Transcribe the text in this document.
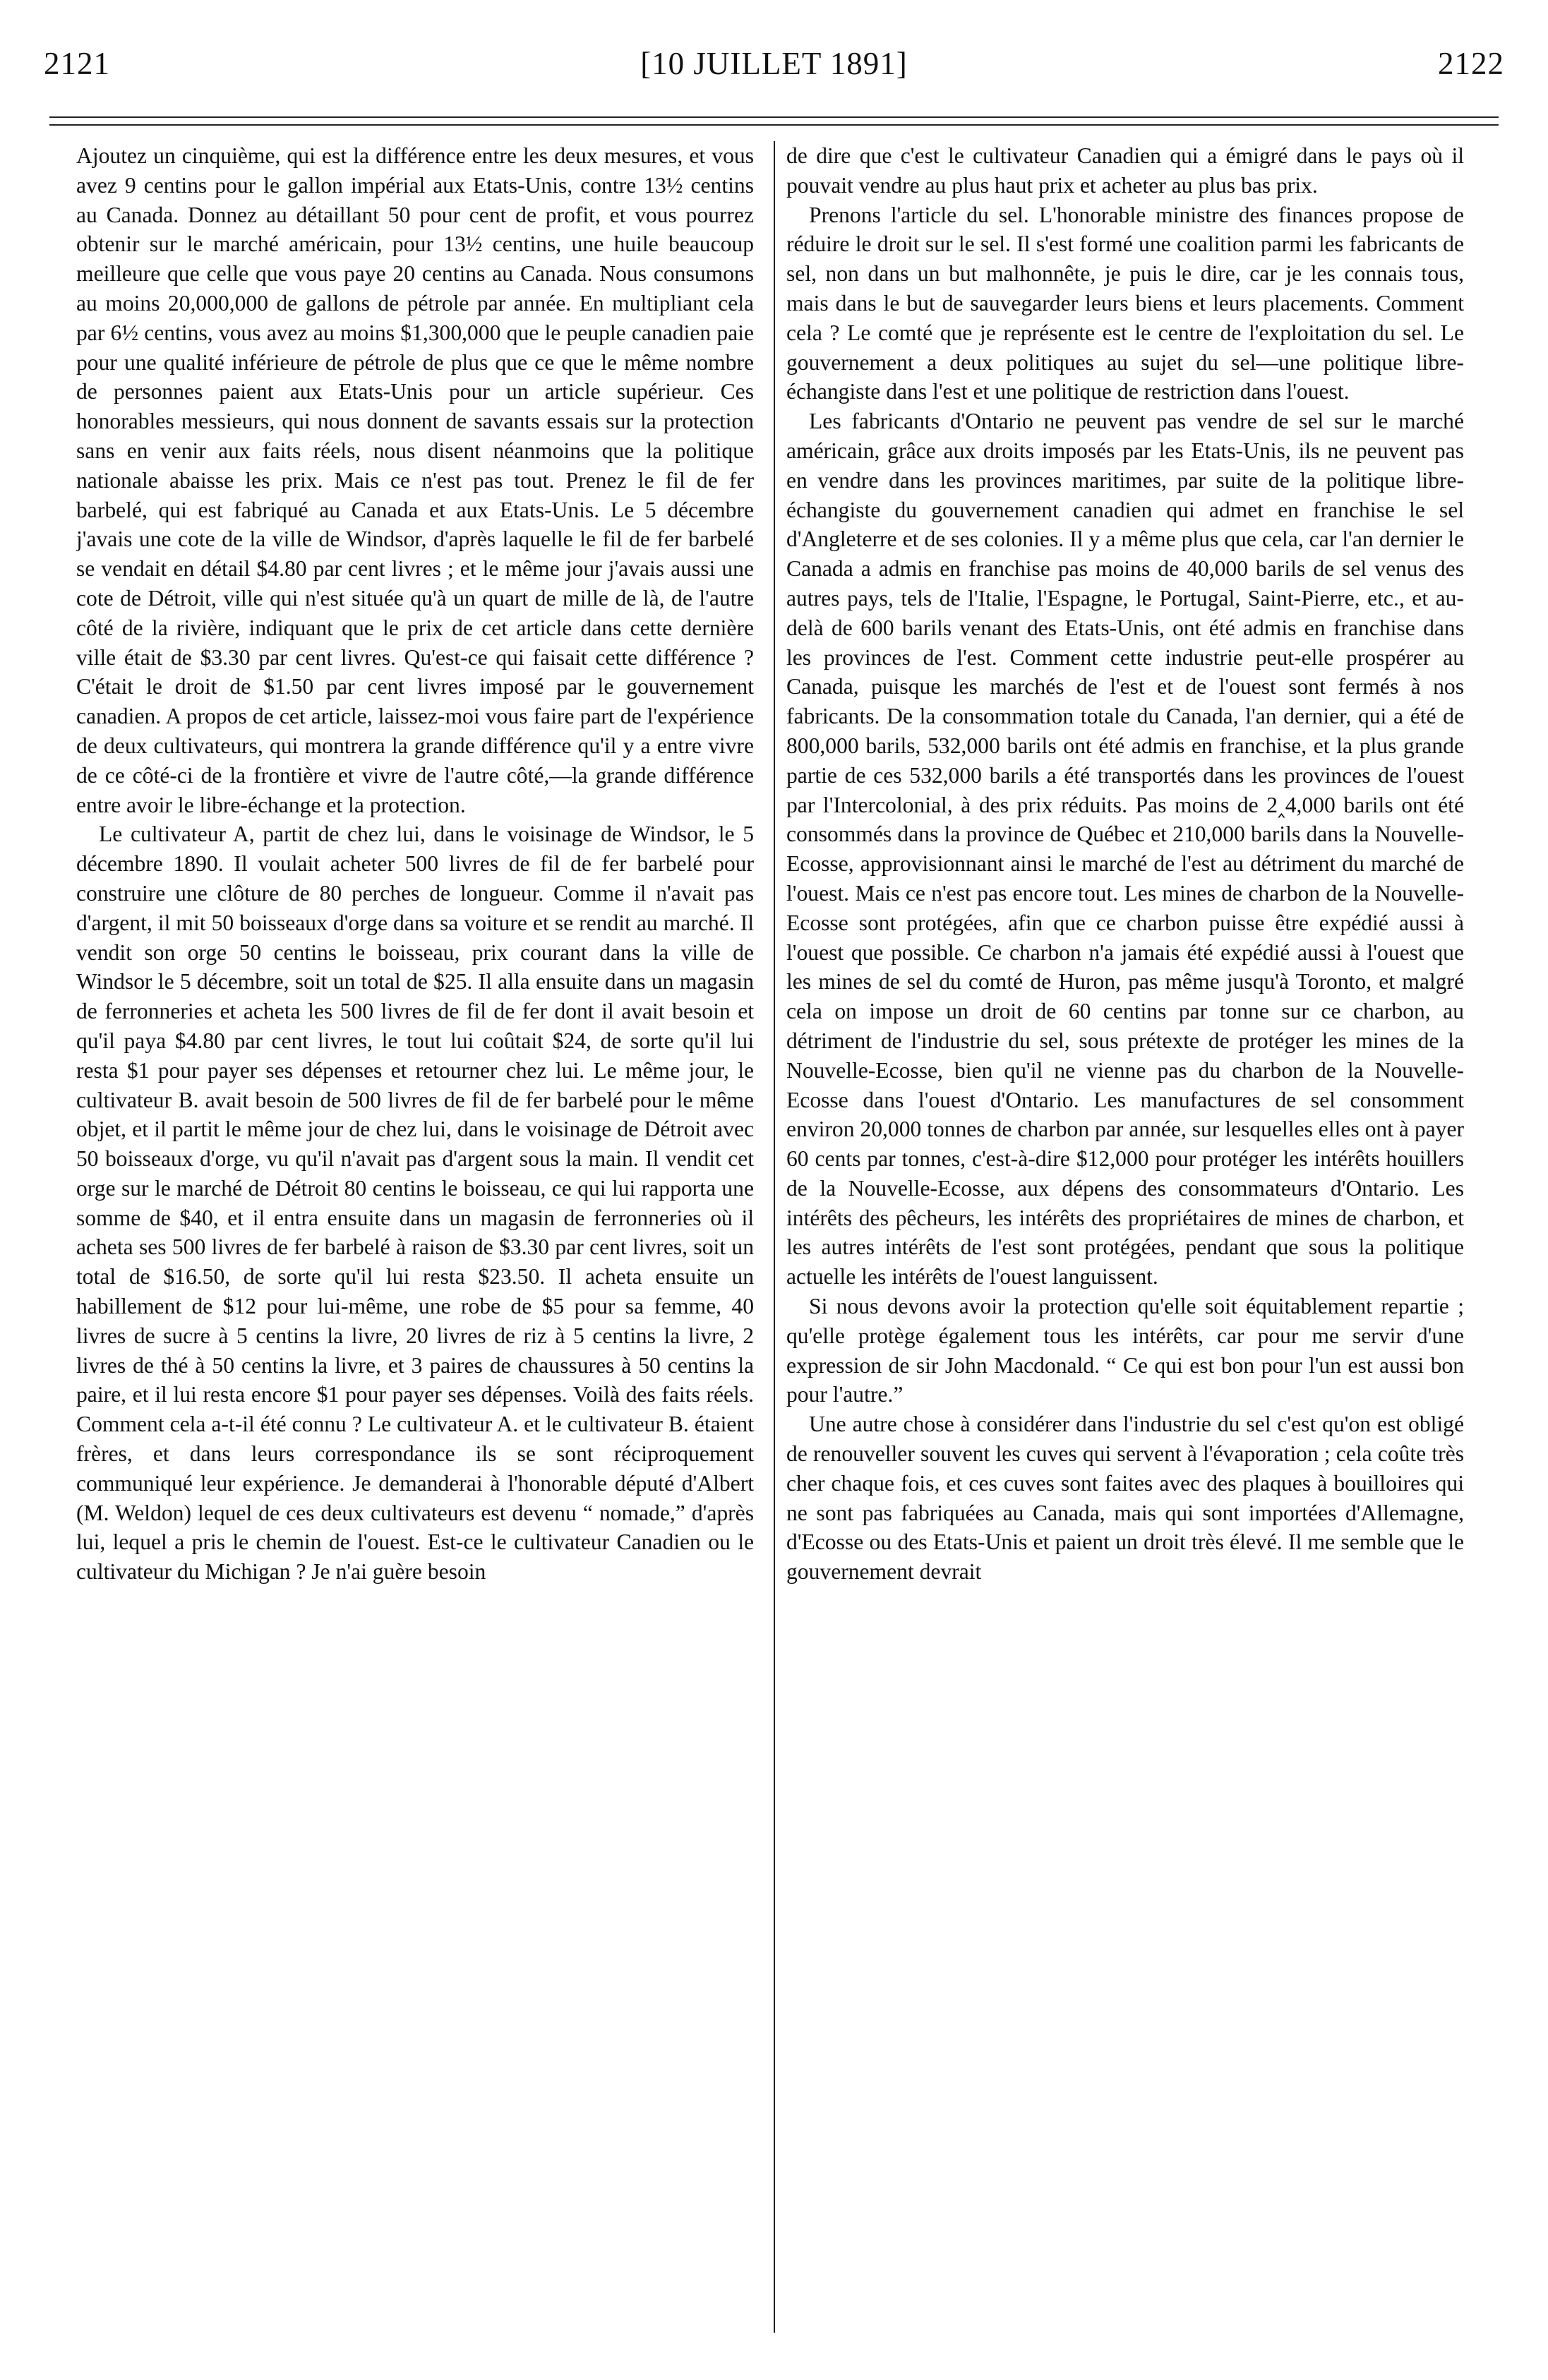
2121	[10 JUILLET 1891]	2122

Ajoutez un cinquième, qui est la différence entre les deux mesures, et vous avez 9 centins pour le gallon impérial aux Etats-Unis, contre 13½ centins au Canada. Donnez au détaillant 50 pour cent de profit, et vous pourrez obtenir sur le marché américain, pour 13½ centins, une huile beaucoup meilleure que celle que vous paye 20 centins au Canada. Nous consumons au moins 20,000,000 de gallons de pétrole par année. En multipliant cela par 6½ centins, vous avez au moins $1,300,000 que le peuple canadien paie pour une qualité inférieure de pétrole de plus que ce que le même nombre de personnes paient aux Etats-Unis pour un article supérieur. Ces honorables messieurs, qui nous donnent de savants essais sur la protection sans en venir aux faits réels, nous disent néanmoins que la politique nationale abaisse les prix. Mais ce n'est pas tout. Prenez le fil de fer barbelé, qui est fabriqué au Canada et aux Etats-Unis. Le 5 décembre j'avais une cote de la ville de Windsor, d'après laquelle le fil de fer barbelé se vendait en détail $4.80 par cent livres ; et le même jour j'avais aussi une cote de Détroit, ville qui n'est située qu'à un quart de mille de là, de l'autre côté de la rivière, indiquant que le prix de cet article dans cette dernière ville était de $3.30 par cent livres. Qu'est-ce qui faisait cette différence ? C'était le droit de $1.50 par cent livres imposé par le gouvernement canadien. A propos de cet article, laissez-moi vous faire part de l'expérience de deux cultivateurs, qui montrera la grande différence qu'il y a entre vivre de ce côté-ci de la frontière et vivre de l'autre côté,—la grande différence entre avoir le libre-échange et la protection.

Le cultivateur A, partit de chez lui, dans le voisinage de Windsor, le 5 décembre 1890. Il voulait acheter 500 livres de fil de fer barbelé pour construire une clôture de 80 perches de longueur. Comme il n'avait pas d'argent, il mit 50 boisseaux d'orge dans sa voiture et se rendit au marché. Il vendit son orge 50 centins le boisseau, prix courant dans la ville de Windsor le 5 décembre, soit un total de $25. Il alla ensuite dans un magasin de ferronneries et acheta les 500 livres de fil de fer dont il avait besoin et qu'il paya $4.80 par cent livres, le tout lui coûtait $24, de sorte qu'il lui resta $1 pour payer ses dépenses et retourner chez lui. Le même jour, le cultivateur B. avait besoin de 500 livres de fil de fer barbelé pour le même objet, et il partit le même jour de chez lui, dans le voisinage de Détroit avec 50 boisseaux d'orge, vu qu'il n'avait pas d'argent sous la main. Il vendit cet orge sur le marché de Détroit 80 centins le boisseau, ce qui lui rapporta une somme de $40, et il entra ensuite dans un magasin de ferronneries où il acheta ses 500 livres de fer barbelé à raison de $3.30 par cent livres, soit un total de $16.50, de sorte qu'il lui resta $23.50. Il acheta ensuite un habillement de $12 pour lui-même, une robe de $5 pour sa femme, 40 livres de sucre à 5 centins la livre, 20 livres de riz à 5 centins la livre, 2 livres de thé à 50 centins la livre, et 3 paires de chaussures à 50 centins la paire, et il lui resta encore $1 pour payer ses dépenses. Voilà des faits réels. Comment cela a-t-il été connu ? Le cultivateur A. et le cultivateur B. étaient frères, et dans leurs correspondance ils se sont réciproquement communiqué leur expérience. Je demanderai à l'honorable député d'Albert (M. Weldon) lequel de ces deux cultivateurs est devenu “ nomade,” d'après lui, lequel a pris le chemin de l'ouest. Est-ce le cultivateur Canadien ou le cultivateur du Michigan ? Je n'ai guère besoin

de dire que c'est le cultivateur Canadien qui a émigré dans le pays où il pouvait vendre au plus haut prix et acheter au plus bas prix.

Prenons l'article du sel. L'honorable ministre des finances propose de réduire le droit sur le sel. Il s'est formé une coalition parmi les fabricants de sel, non dans un but malhonnête, je puis le dire, car je les connais tous, mais dans le but de sauvegarder leurs biens et leurs placements. Comment cela ? Le comté que je représente est le centre de l'exploitation du sel. Le gouvernement a deux politiques au sujet du sel—une politique libre-échangiste dans l'est et une politique de restriction dans l'ouest.

Les fabricants d'Ontario ne peuvent pas vendre de sel sur le marché américain, grâce aux droits imposés par les Etats-Unis, ils ne peuvent pas en vendre dans les provinces maritimes, par suite de la politique libre-échangiste du gouvernement canadien qui admet en franchise le sel d'Angleterre et de ses colonies. Il y a même plus que cela, car l'an dernier le Canada a admis en franchise pas moins de 40,000 barils de sel venus des autres pays, tels de l'Italie, l'Espagne, le Portugal, Saint-Pierre, etc., et au-delà de 600 barils venant des Etats-Unis, ont été admis en franchise dans les provinces de l'est. Comment cette industrie peut-elle prospérer au Canada, puisque les marchés de l'est et de l'ouest sont fermés à nos fabricants. De la consommation totale du Canada, l'an dernier, qui a été de 800,000 barils, 532,000 barils ont été admis en franchise, et la plus grande partie de ces 532,000 barils a été transportés dans les provinces de l'ouest par l'Intercolonial, à des prix réduits. Pas moins de 2‸4,000 barils ont été consommés dans la province de Québec et 210,000 barils dans la Nouvelle-Ecosse, approvisionnant ainsi le marché de l'est au détriment du marché de l'ouest. Mais ce n'est pas encore tout. Les mines de charbon de la Nouvelle-Ecosse sont protégées, afin que ce charbon puisse être expédié aussi à l'ouest que possible. Ce charbon n'a jamais été expédié aussi à l'ouest que les mines de sel du comté de Huron, pas même jusqu'à Toronto, et malgré cela on impose un droit de 60 centins par tonne sur ce charbon, au détriment de l'industrie du sel, sous prétexte de protéger les mines de la Nouvelle-Ecosse, bien qu'il ne vienne pas du charbon de la Nouvelle-Ecosse dans l'ouest d'Ontario. Les manufactures de sel consomment environ 20,000 tonnes de charbon par année, sur lesquelles elles ont à payer 60 cents par tonnes, c'est-à-dire $12,000 pour protéger les intérêts houillers de la Nouvelle-Ecosse, aux dépens des consommateurs d'Ontario. Les intérêts des pêcheurs, les intérêts des propriétaires de mines de charbon, et les autres intérêts de l'est sont protégées, pendant que sous la politique actuelle les intérêts de l'ouest languissent.

Si nous devons avoir la protection qu'elle soit équitablement repartie ; qu'elle protège également tous les intérêts, car pour me servir d'une expression de sir John Macdonald. “ Ce qui est bon pour l'un est aussi bon pour l'autre.”

Une autre chose à considérer dans l'industrie du sel c'est qu'on est obligé de renouveller souvent les cuves qui servent à l'évaporation ; cela coûte très cher chaque fois, et ces cuves sont faites avec des plaques à bouilloires qui ne sont pas fabriquées au Canada, mais qui sont importées d'Allemagne, d'Ecosse ou des Etats-Unis et paient un droit très élevé. Il me semble que le gouvernement devrait
